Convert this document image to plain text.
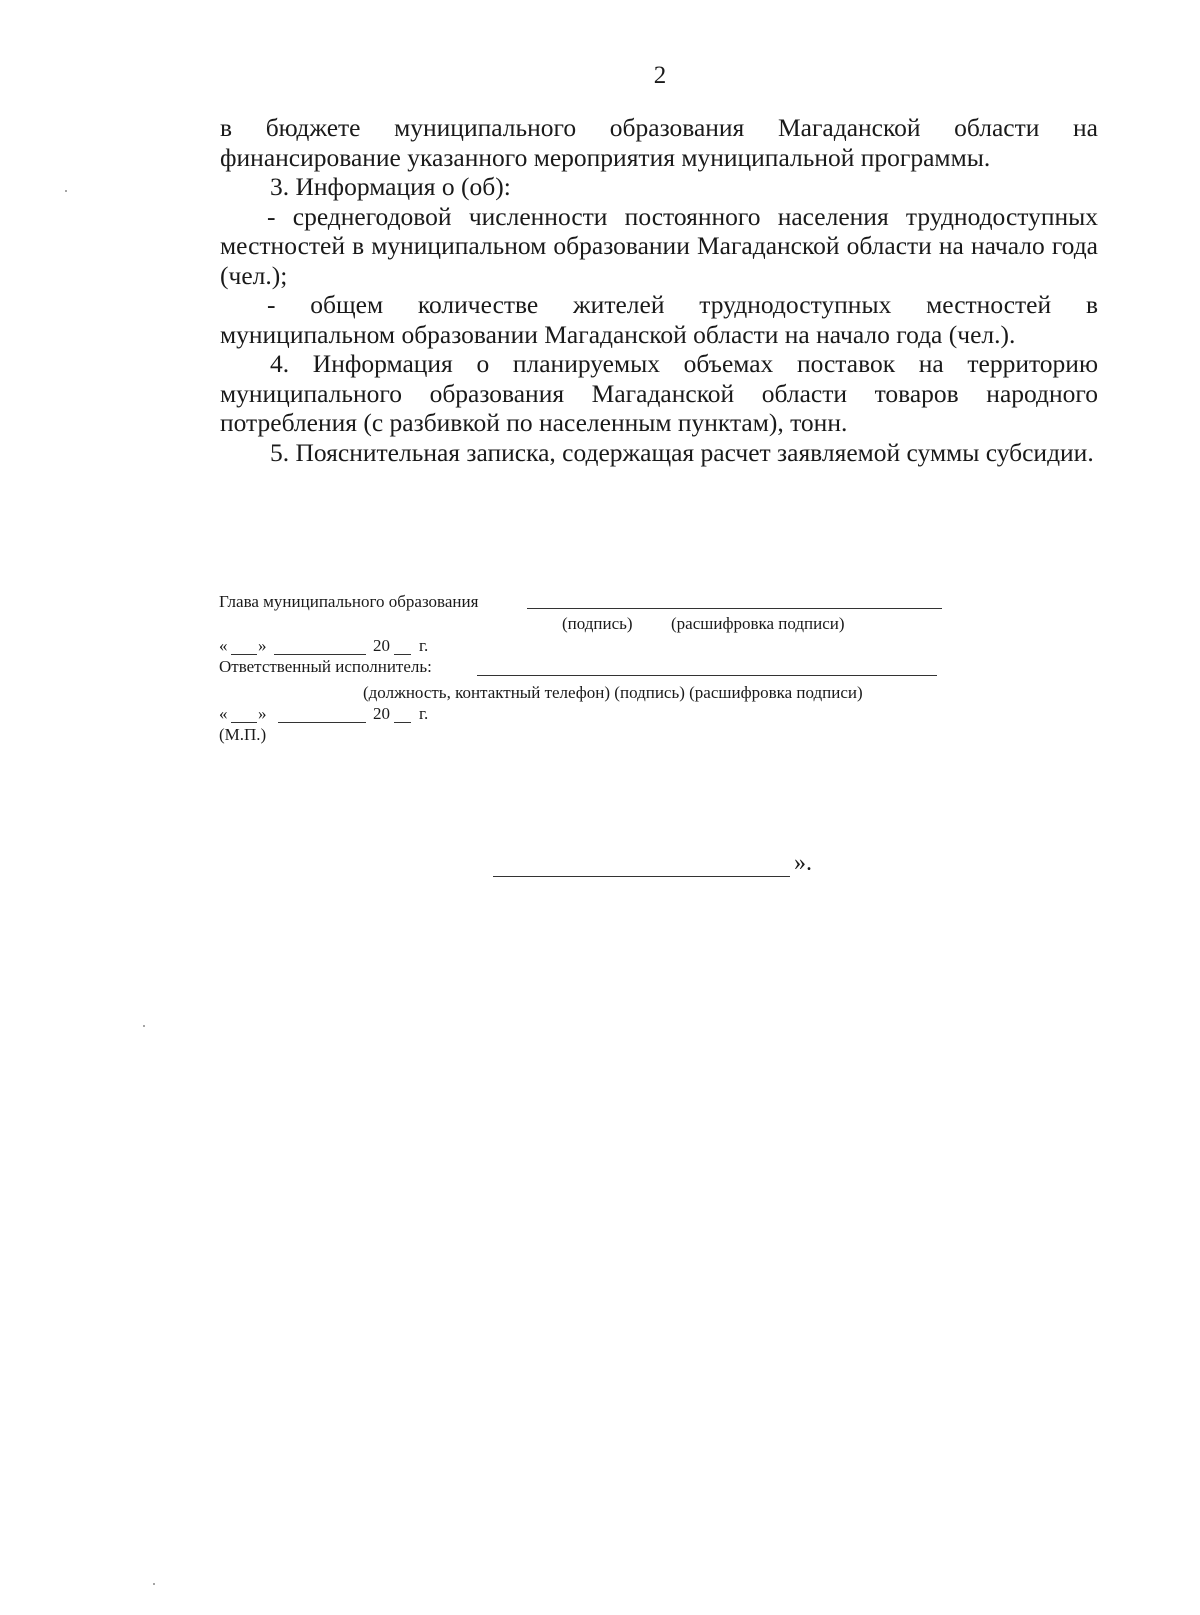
2

в бюджете муниципального образования Магаданской области на финансирование указанного мероприятия муниципальной программы.

3. Информация о (об):

- среднегодовой численности постоянного населения труднодоступных местностей в муниципальном образовании Магаданской области на начало года (чел.);

- общем количестве жителей труднодоступных местностей в муниципальном образовании Магаданской области на начало года (чел.).

4. Информация о планируемых объемах поставок на территорию муниципального образования Магаданской области товаров народного потребления (с разбивкой по населенным пунктам), тонн.

5. Пояснительная записка, содержащая расчет заявляемой суммы субсидии.

Глава муниципального образования
(подпись) (расшифровка подписи)
« »	20 г.
Ответственный исполнитель:
(должность, контактный телефон) (подпись) (расшифровка подписи)
« »	20 г.
(М.П.)
».
